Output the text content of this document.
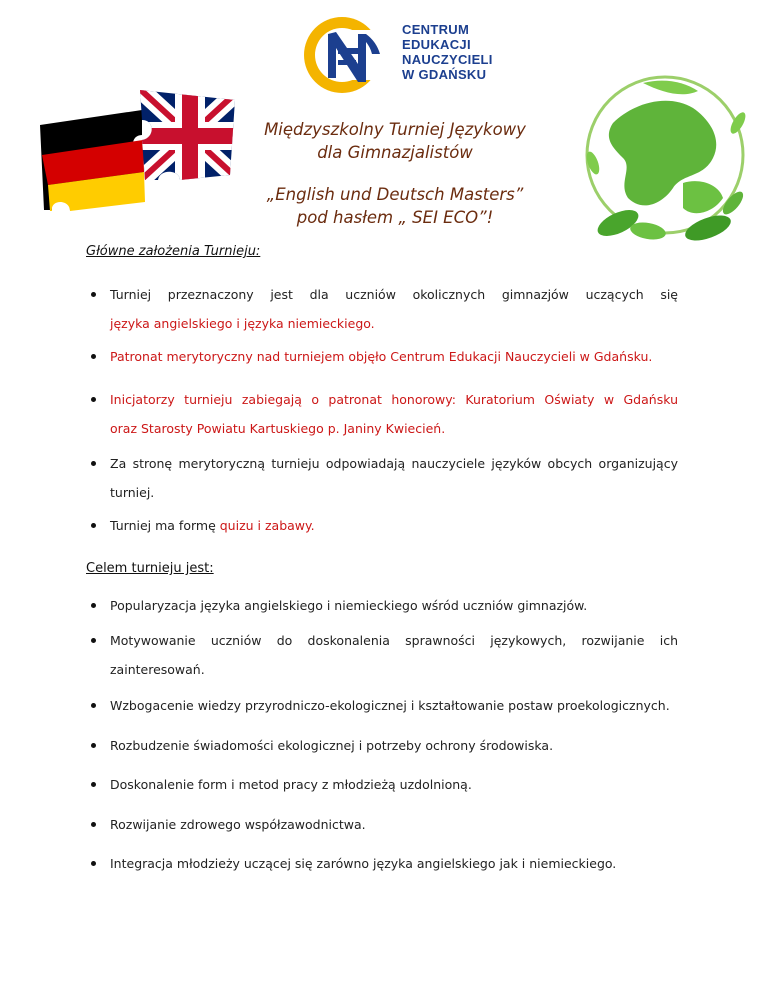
CENTRUM
EDUKACJI
NAUCZYCIELI
W GDAŃSKU
Międzyszkolny Turniej Językowy
dla Gimnazjalistów
„English und Deutsch Masters”
pod hasłem „ SEI ECO”!
Główne założenia Turnieju:
Turniej przeznaczony jest dla uczniów okolicznych gimnazjów uczących się
języka angielskiego i języka niemieckiego.
Patronat merytoryczny nad turniejem objęło Centrum Edukacji Nauczycieli w Gdańsku.
Inicjatorzy turnieju zabiegają o patronat honorowy: Kuratorium Oświaty w Gdańsku
oraz Starosty Powiatu Kartuskiego p. Janiny Kwiecień.
Za stronę merytoryczną turnieju odpowiadają nauczyciele języków obcych organizujący
turniej.
Turniej ma formę quizu i zabawy.
Celem turnieju jest:
Popularyzacja języka angielskiego i niemieckiego wśród uczniów gimnazjów.
Motywowanie uczniów do doskonalenia sprawności językowych, rozwijanie ich
zainteresowań.
Wzbogacenie wiedzy przyrodniczo-ekologicznej i kształtowanie postaw proekologicznych.
Rozbudzenie świadomości ekologicznej i potrzeby ochrony środowiska.
Doskonalenie form i metod pracy z młodzieżą uzdolnioną.
Rozwijanie zdrowego współzawodnictwa.
Integracja młodzieży uczącej się zarówno języka angielskiego jak i niemieckiego.
